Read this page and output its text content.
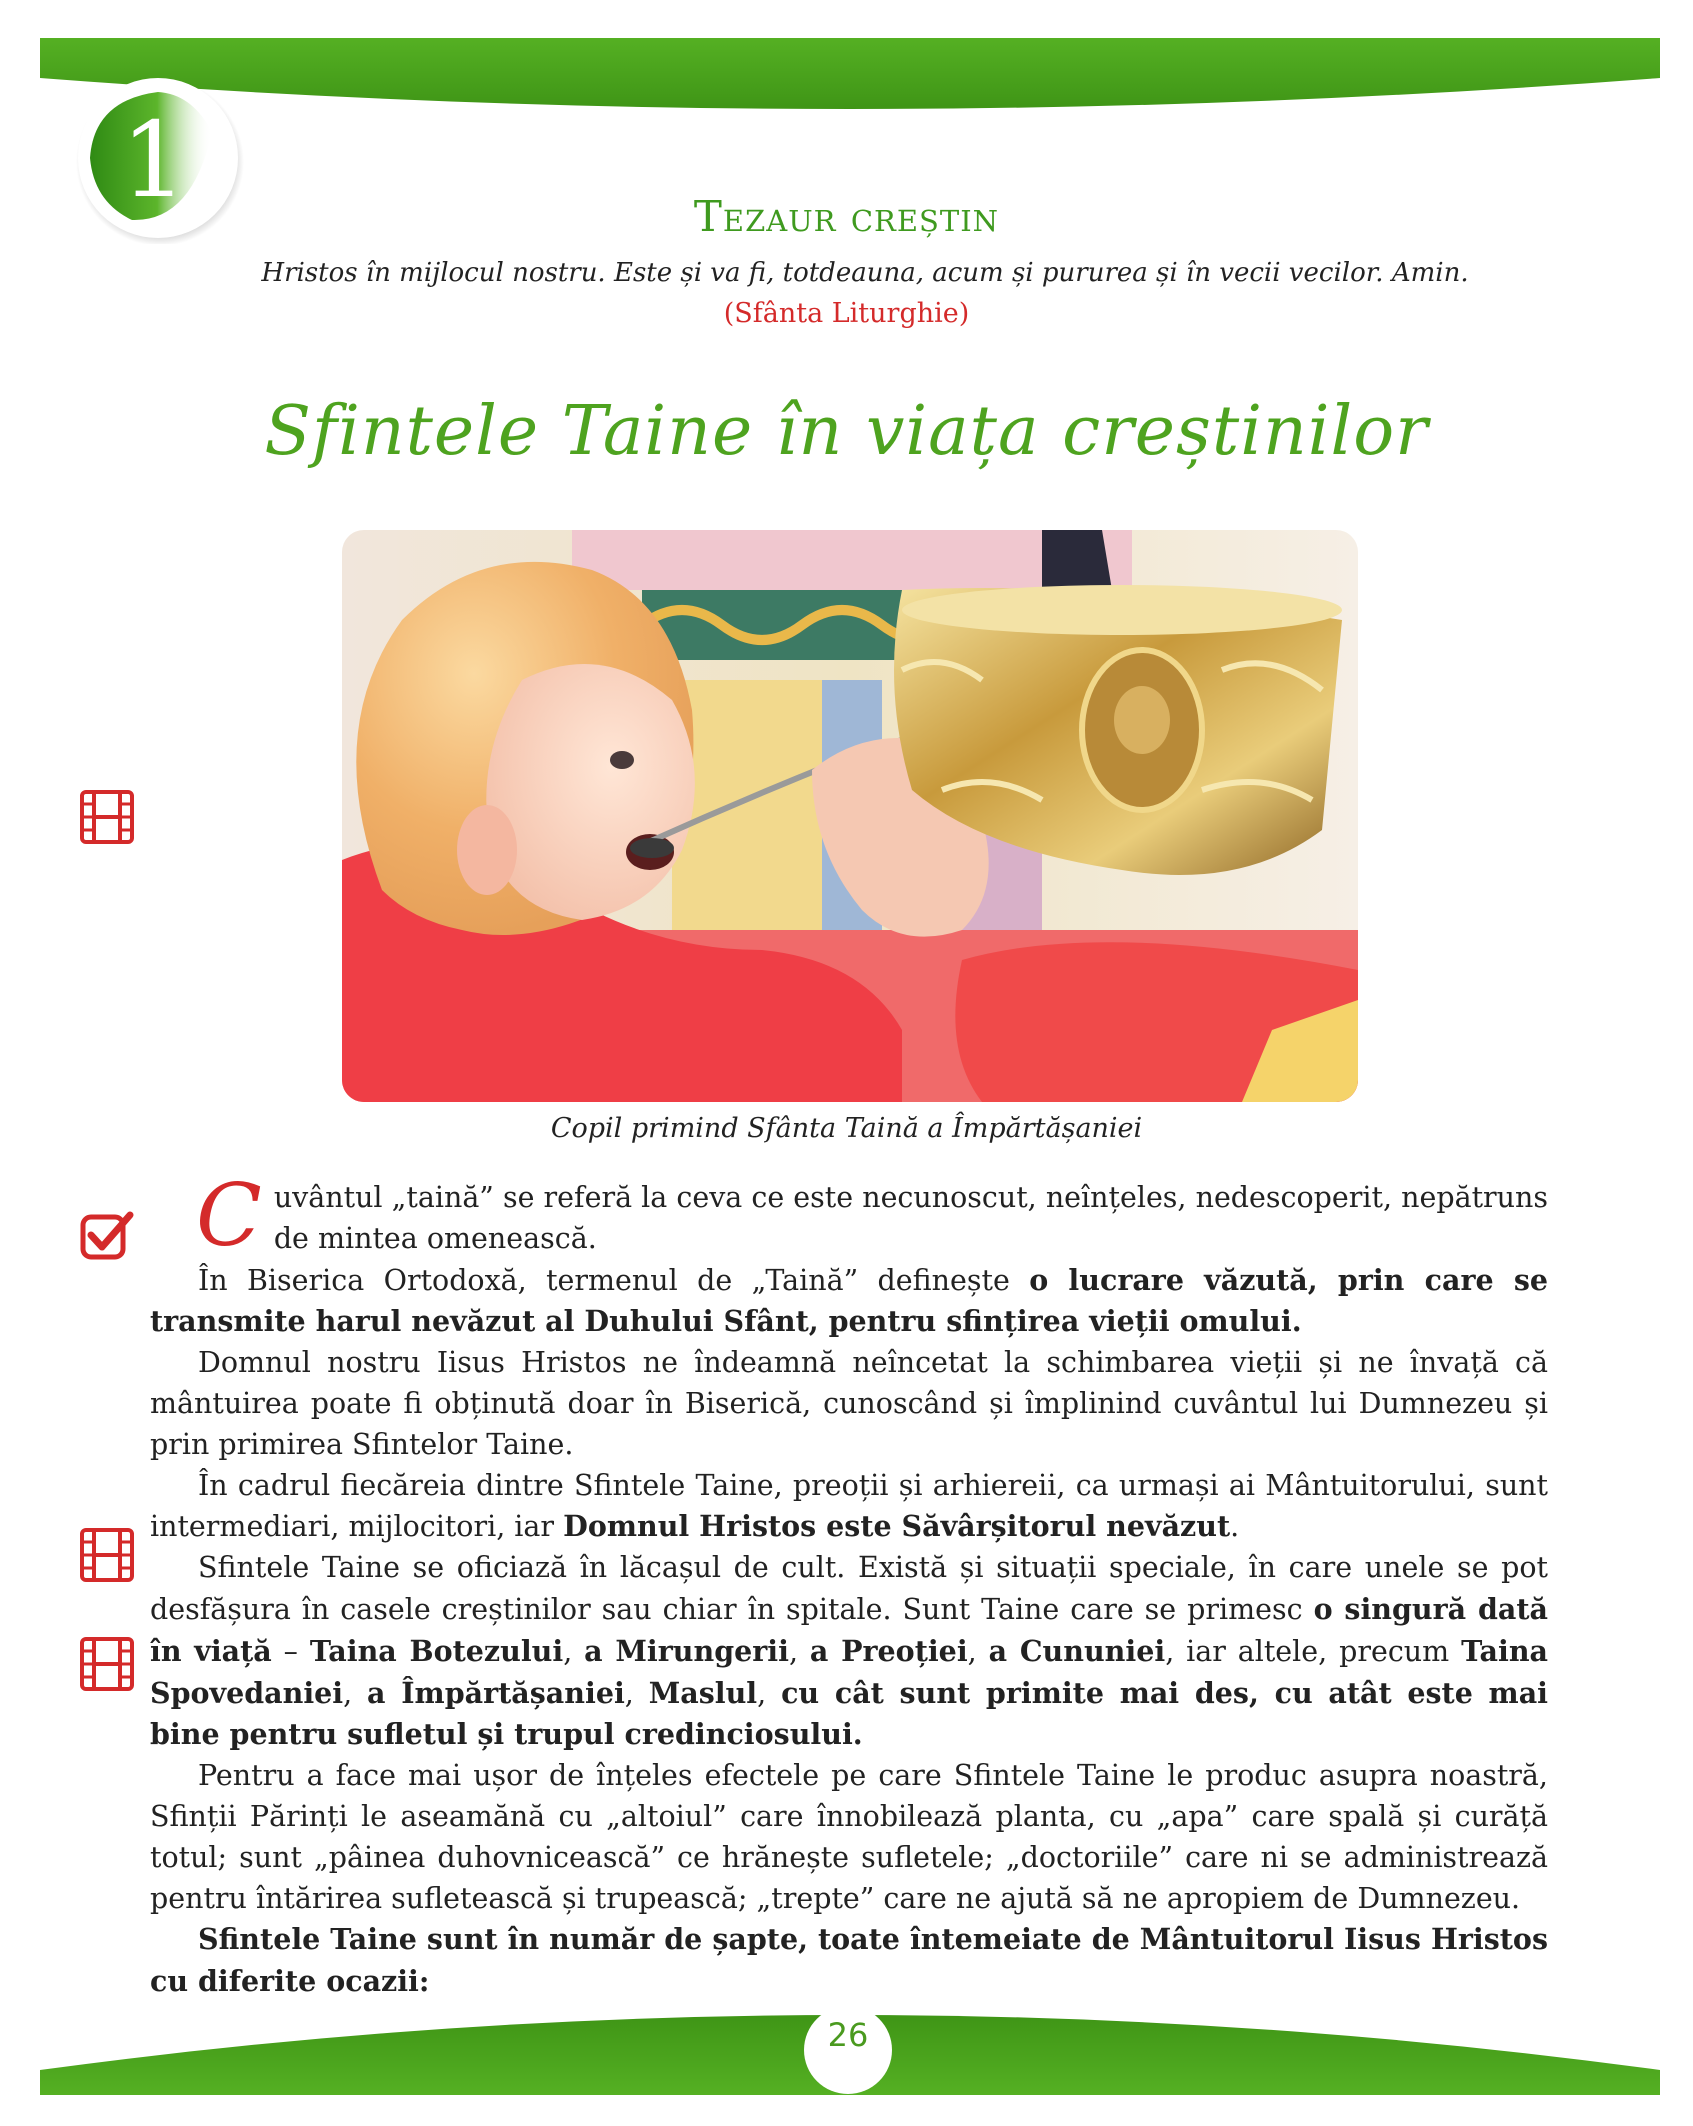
1	Tezaur creștin
Hristos în mijlocul nostru. Este și va fi, totdeauna, acum și pururea și în vecii vecilor. Amin.
(Sfânta Liturghie)
Sfintele Taine în viața creștinilor
Copil primind Sfânta Taină a Împărtășaniei

Cuvântul „taină” se referă la ceva ce este necunoscut, neînțeles, nedescoperit, nepătruns de mintea omenească.

În Biserica Ortodoxă, termenul de „Taină” definește o lucrare văzută, prin care se transmite harul nevăzut al Duhului Sfânt, pentru sfințirea vieții omului.

Domnul nostru Iisus Hristos ne îndeamnă neîncetat la schimbarea vieții și ne învață că mântuirea poate fi obținută doar în Biserică, cunoscând și împlinind cuvântul lui Dumnezeu și prin primirea Sfintelor Taine.

În cadrul fiecăreia dintre Sfintele Taine, preoții și arhiereii, ca urmași ai Mântuitorului, sunt intermediari, mijlocitori, iar Domnul Hristos este Săvârșitorul nevăzut.

Sfintele Taine se oficiază în lăcașul de cult. Există și situații speciale, în care unele se pot desfășura în casele creștinilor sau chiar în spitale. Sunt Taine care se primesc o singură dată în viață – Taina Botezului, a Mirungerii, a Preoției, a Cununiei, iar altele, precum Taina Spovedaniei, a Împărtășaniei, Maslul, cu cât sunt primite mai des, cu atât este mai bine pentru sufletul și trupul credinciosului.

Pentru a face mai ușor de înțeles efectele pe care Sfintele Taine le produc asupra noastră, Sfinții Părinți le aseamănă cu „altoiul” care înnobilează planta, cu „apa” care spală și curăță totul; sunt „pâinea duhovnicească” ce hrănește sufletele; „doctoriile” care ni se administrează pentru întărirea sufletească și trupească; „trepte” care ne ajută să ne apropiem de Dumnezeu.

Sfintele Taine sunt în număr de șapte, toate întemeiate de Mântuitorul Iisus Hristos cu diferite ocazii:

26
